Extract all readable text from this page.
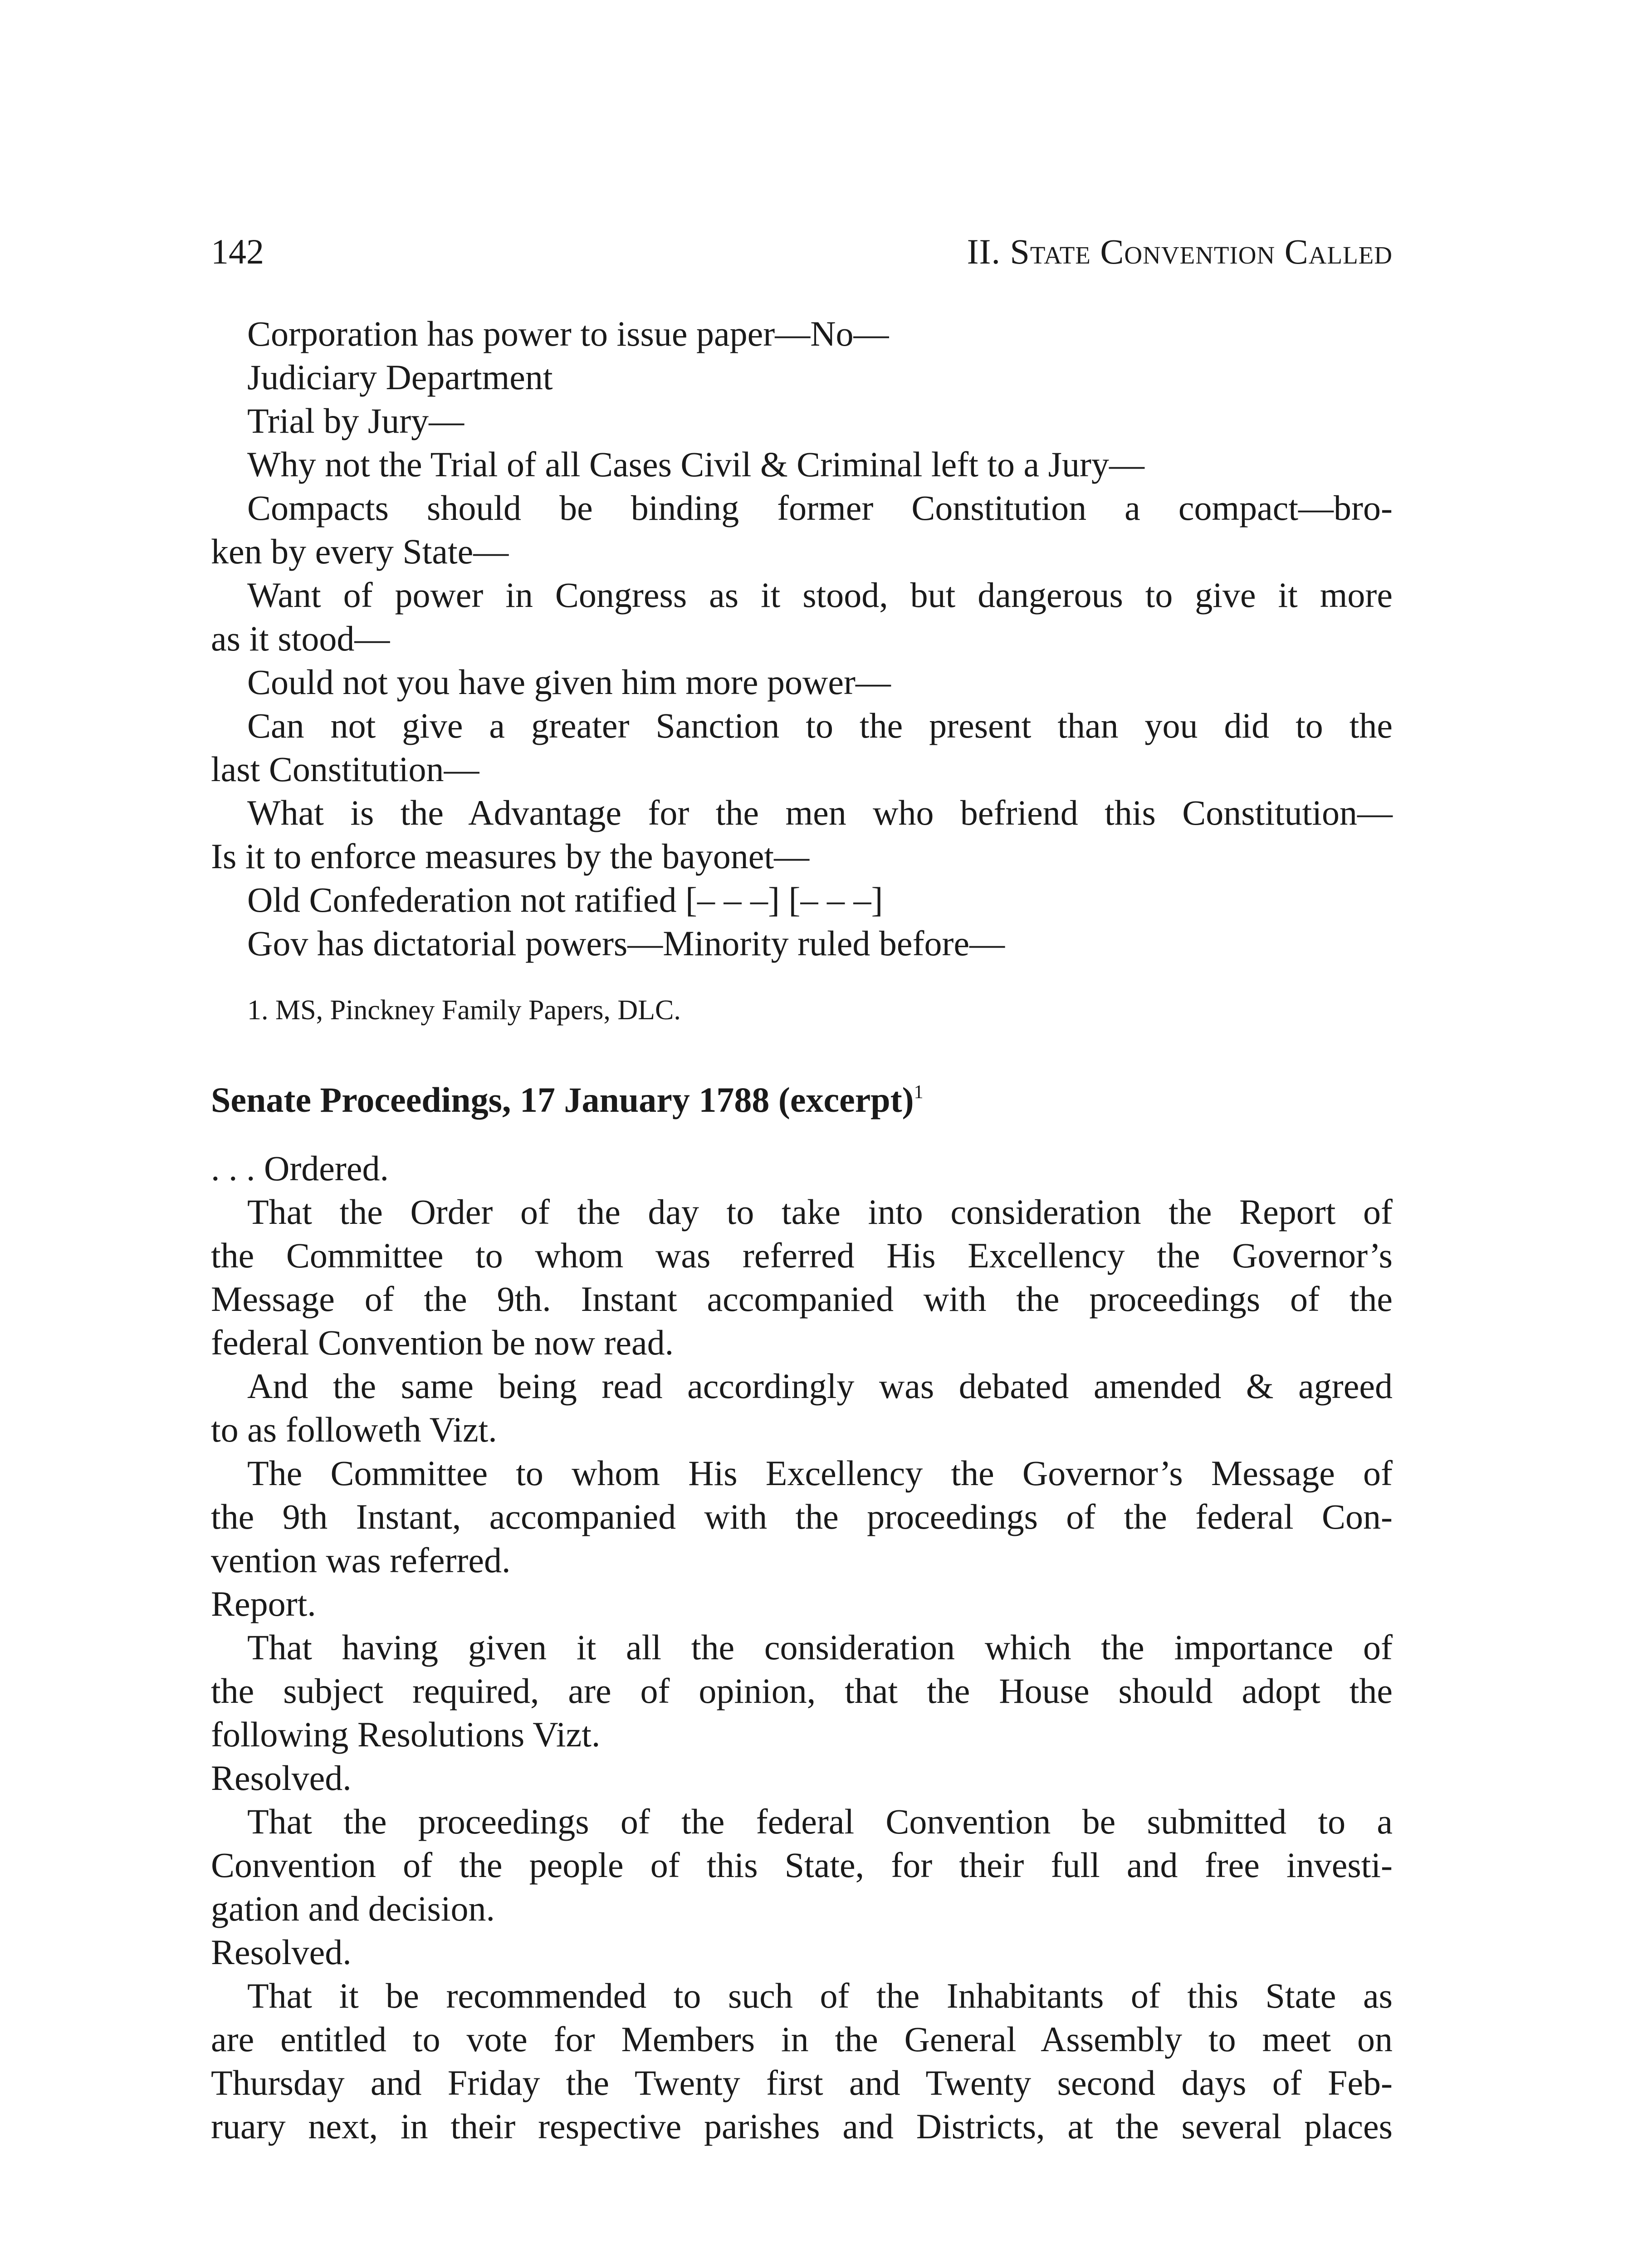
142	II. State Convention Called
Corporation has power to issue paper—No—
Judiciary Department
Trial by Jury—
Why not the Trial of all Cases Civil & Criminal left to a Jury—
Compacts should be binding former Constitution a compact—bro-
ken by every State—
Want of power in Congress as it stood, but dangerous to give it more
as it stood—
Could not you have given him more power—
Can not give a greater Sanction to the present than you did to the
last Constitution—
What is the Advantage for the men who befriend this Constitution—
Is it to enforce measures by the bayonet—
Old Confederation not ratified [– – –] [– – –]
Gov has dictatorial powers—Minority ruled before—
1. MS, Pinckney Family Papers, DLC.
Senate Proceedings, 17 January 1788 (excerpt)$^1$
. . . Ordered.
That the Order of the day to take into consideration the Report of
the Committee to whom was referred His Excellency the Governor’s
Message of the 9th. Instant accompanied with the proceedings of the
federal Convention be now read.
And the same being read accordingly was debated amended & agreed
to as followeth Vizt.
The Committee to whom His Excellency the Governor’s Message of
the 9th Instant, accompanied with the proceedings of the federal Con-
vention was referred.
Report.
That having given it all the consideration which the importance of
the subject required, are of opinion, that the House should adopt the
following Resolutions Vizt.
Resolved.
That the proceedings of the federal Convention be submitted to a
Convention of the people of this State, for their full and free investi-
gation and decision.
Resolved.
That it be recommended to such of the Inhabitants of this State as
are entitled to vote for Members in the General Assembly to meet on
Thursday and Friday the Twenty first and Twenty second days of Feb-
ruary next, in their respective parishes and Districts, at the several places
